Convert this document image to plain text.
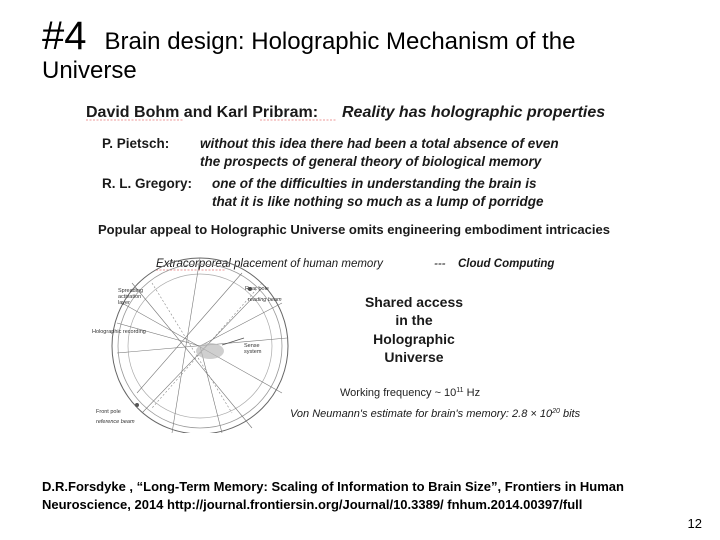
#4 Brain design: Holographic Mechanism of the
Universe
David Bohm and Karl Pribram: Reality has holographic properties
P. Pietsch: without this idea there had been a total absence of even
the prospects of general theory of biological memory
R. L. Gregory: one of the difficulties in understanding the brain is
that it is like nothing so much as a lump of porridge
Popular appeal to Holographic Universe omits engineering embodiment intricacies
Extracorporeal placement of human memory	--- Cloud Computing
Spreading
activation
layer
Rear pole
reading beam
Holographic recording
Sense
system
Front pole
reference beam
Shared access
in the
Holographic
Universe
Working frequency ~ $10^{11}$ Hz
Von Neumann's estimate for brain's memory: $2.8 \times 10^{20}$ bits
D.R.Forsdyke , “Long-Term Memory: Scaling of Information to Brain Size”, Frontiers in Human
Neuroscience, 2014 http://journal.frontiersin.org/Journal/10.3389/ fnhum.2014.00397/full
12
